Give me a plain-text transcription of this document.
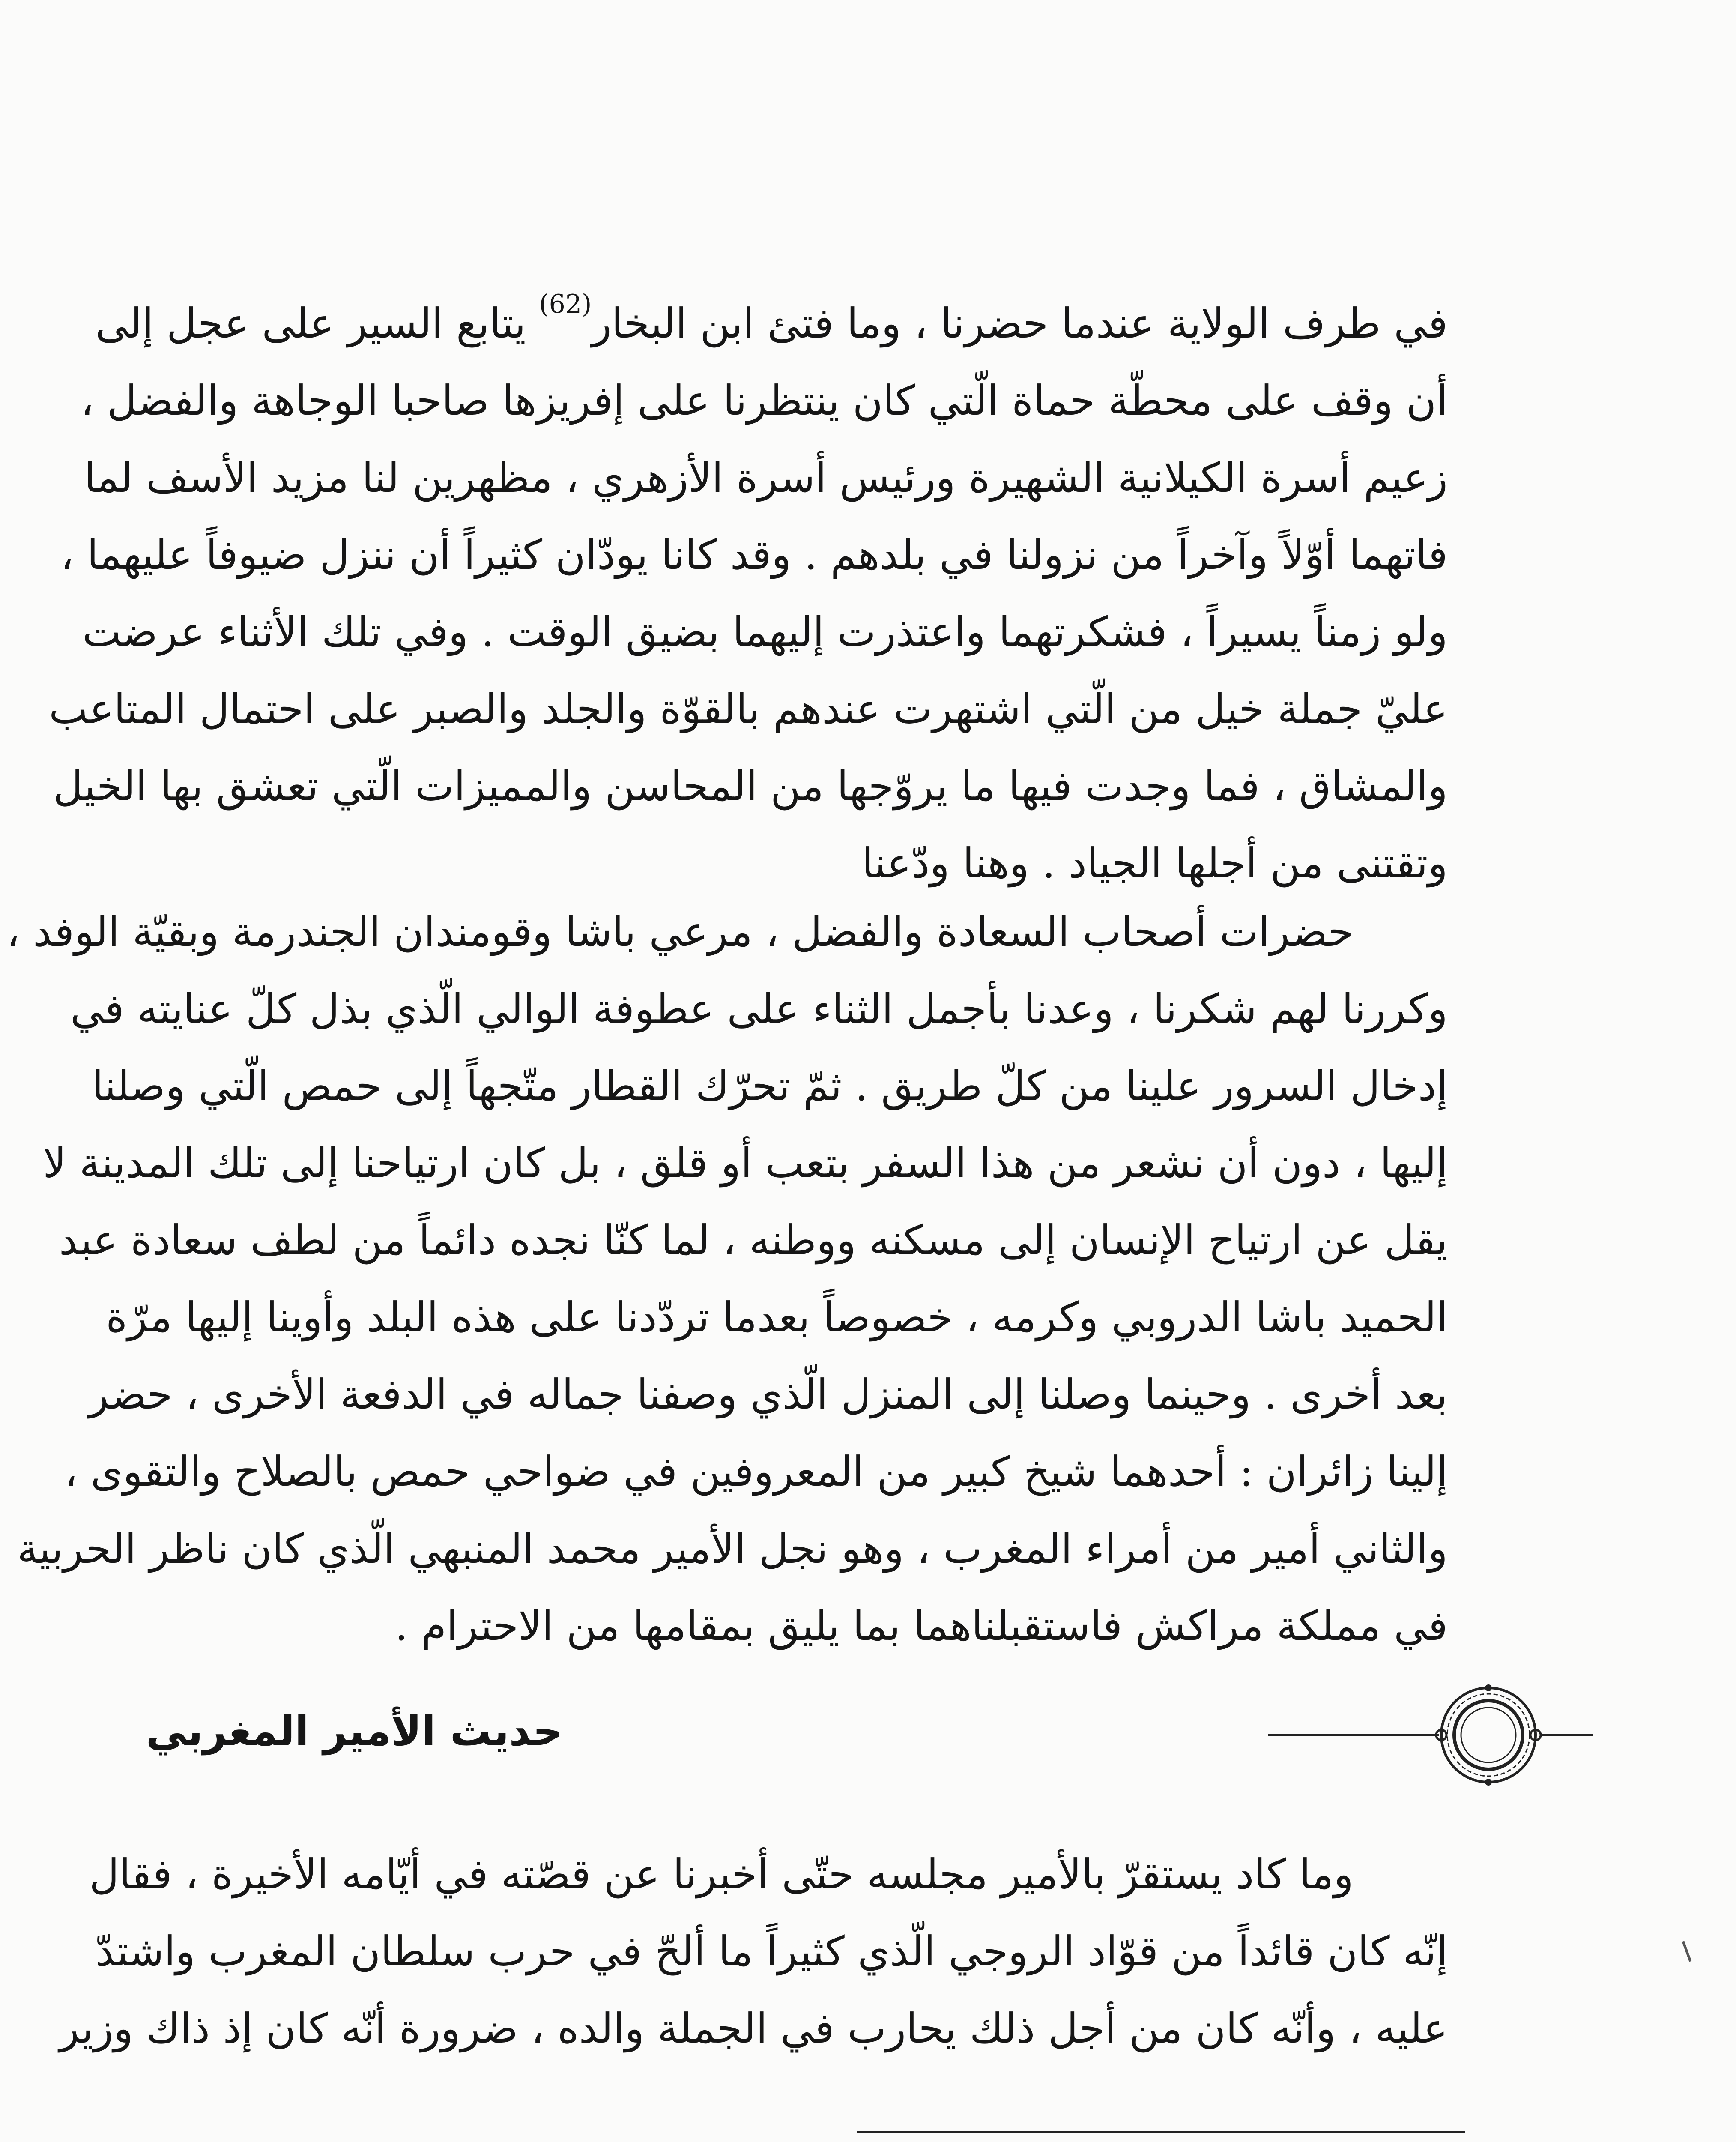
في طرف الولاية عندما حضرنا ، وما فتئ ابن البخار$^{(62)}$ يتابع السير على عجل إلى
أن وقف على محطّة حماة الّتي كان ينتظرنا على إفريزها صاحبا الوجاهة والفضل ،
زعيم أسرة الكيلانية الشهيرة ورئيس أسرة الأزهري ، مظهرين لنا مزيد الأسف لما
فاتهما أوّلاً وآخراً من نزولنا في بلدهم . وقد كانا يودّان كثيراً أن ننزل ضيوفاً عليهما ،
ولو زمناً يسيراً ، فشكرتهما واعتذرت إليهما بضيق الوقت . وفي تلك الأثناء عرضت
عليّ جملة خيل من الّتي اشتهرت عندهم بالقوّة والجلد والصبر على احتمال المتاعب
والمشاق ، فما وجدت فيها ما يروّجها من المحاسن والمميزات الّتي تعشق بها الخيل
وتقتنى من أجلها الجياد . وهنا ودّعنا
حضرات أصحاب السعادة والفضل ، مرعي باشا وقومندان الجندرمة وبقيّة الوفد ،
وكررنا لهم شكرنا ، وعدنا بأجمل الثناء على عطوفة الوالي الّذي بذل كلّ عنايته في
إدخال السرور علينا من كلّ طريق . ثمّ تحرّك القطار متّجهاً إلى حمص الّتي وصلنا
إليها ، دون أن نشعر من هذا السفر بتعب أو قلق ، بل كان ارتياحنا إلى تلك المدينة لا
يقل عن ارتياح الإنسان إلى مسكنه ووطنه ، لما كنّا نجده دائماً من لطف سعادة عبد
الحميد باشا الدروبي وكرمه ، خصوصاً بعدما تردّدنا على هذه البلد وأوينا إليها مرّة
بعد أخرى . وحينما وصلنا إلى المنزل الّذي وصفنا جماله في الدفعة الأخرى ، حضر
إلينا زائران : أحدهما شيخ كبير من المعروفين في ضواحي حمص بالصلاح والتقوى ،
والثاني أمير من أمراء المغرب ، وهو نجل الأمير محمد المنبهي الّذي كان ناظر الحربية
في مملكة مراكش فاستقبلناهما بما يليق بمقامها من الاحترام .
حديث الأمير المغربي
وما كاد يستقرّ بالأمير مجلسه حتّى أخبرنا عن قصّته في أيّامه الأخيرة ، فقال
إنّه كان قائداً من قوّاد الروجي الّذي كثيراً ما ألحّ في حرب سلطان المغرب واشتدّ
عليه ، وأنّه كان من أجل ذلك يحارب في الجملة والده ، ضرورة أنّه كان إذ ذاك وزير
